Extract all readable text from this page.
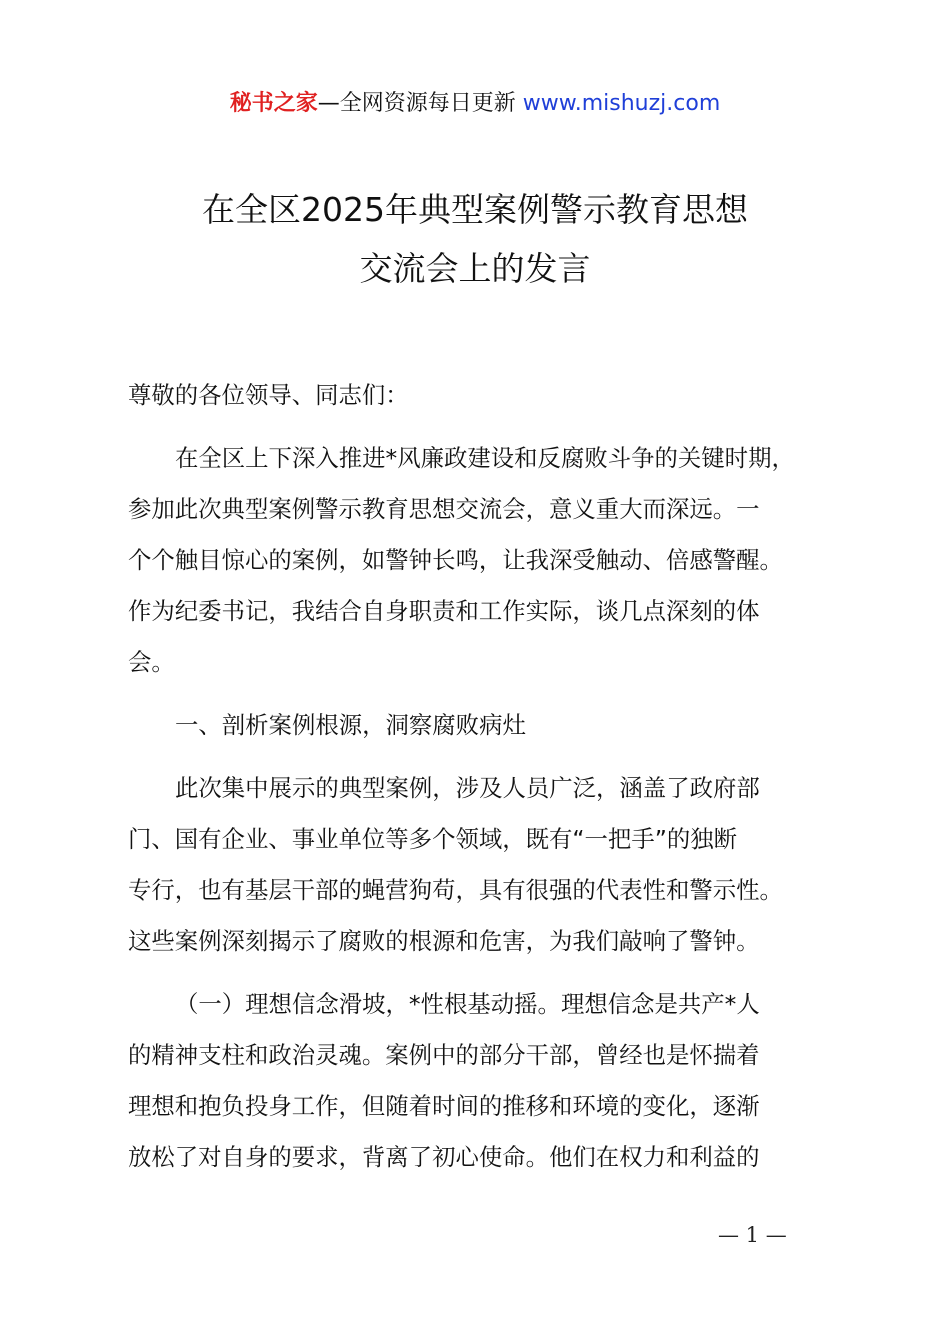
秘书之家—全网资源每日更新 www.mishuzj.com
在全区2025年典型案例警示教育思想
交流会上的发言

尊敬的各位领导、同志们：

在全区上下深入推进*风廉政建设和反腐败斗争的关键时期，
参加此次典型案例警示教育思想交流会，意义重大而深远。一
个个触目惊心的案例，如警钟长鸣，让我深受触动、倍感警醒。
作为纪委书记，我结合自身职责和工作实际，谈几点深刻的体
会。

一、剖析案例根源，洞察腐败病灶

此次集中展示的典型案例，涉及人员广泛，涵盖了政府部
门、国有企业、事业单位等多个领域，既有“一把手”的独断
专行，也有基层干部的蝇营狗苟，具有很强的代表性和警示性。
这些案例深刻揭示了腐败的根源和危害，为我们敲响了警钟。

（一）理想信念滑坡，*性根基动摇。理想信念是共产*人
的精神支柱和政治灵魂。案例中的部分干部，曾经也是怀揣着
理想和抱负投身工作，但随着时间的推移和环境的变化，逐渐
放松了对自身的要求，背离了初心使命。他们在权力和利益的

— 1 —
